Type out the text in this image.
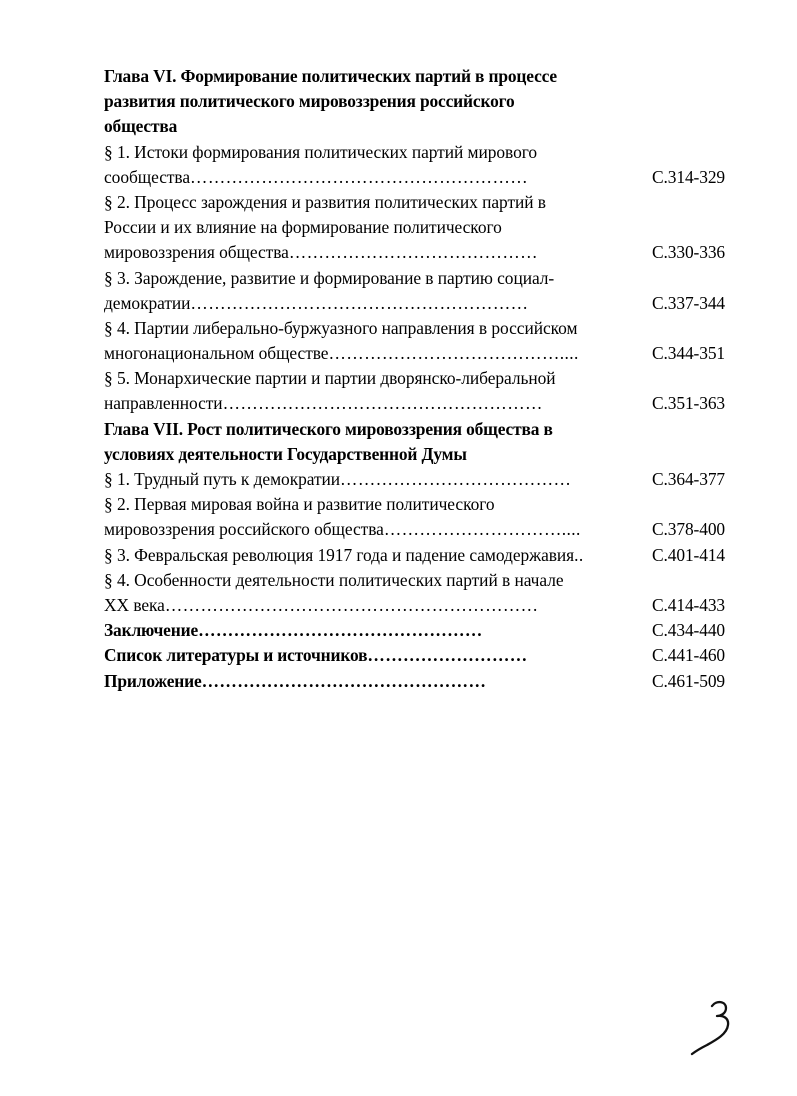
Глава VI. Формирование политических партий в процессе
развития политического мировоззрения российского
общества
§ 1. Истоки формирования политических партий мирового
сообщества…………………………………………………	С.314-329
§ 2. Процесс зарождения и развития политических партий в
России и их влияние на формирование политического
мировоззрения общества……………………………………	С.330-336
§ 3. Зарождение, развитие и формирование в партию социал-
демократии…………………………………………………	С.337-344
§ 4. Партии либерально-буржуазного направления в российском
многонациональном обществе…………………………………....	С.344-351
§ 5. Монархические партии и партии дворянско-либеральной
направленности………………………………………………	С.351-363
Глава VII. Рост политического мировоззрения общества в
условиях деятельности Государственной Думы
§ 1. Трудный путь к демократии…………………………………	С.364-377
§ 2. Первая мировая война и развитие политического
мировоззрения российского общества…………………………....	С.378-400
§ 3. Февральская революция 1917 года и падение самодержавия..	С.401-414
§ 4. Особенности деятельности политических партий в начале
XX века………………………………………………………	С.414-433
Заключение…………………………………………	С.434-440
Список литературы и источников………………………	С.441-460
Приложение…………………………………………	С.461-509
